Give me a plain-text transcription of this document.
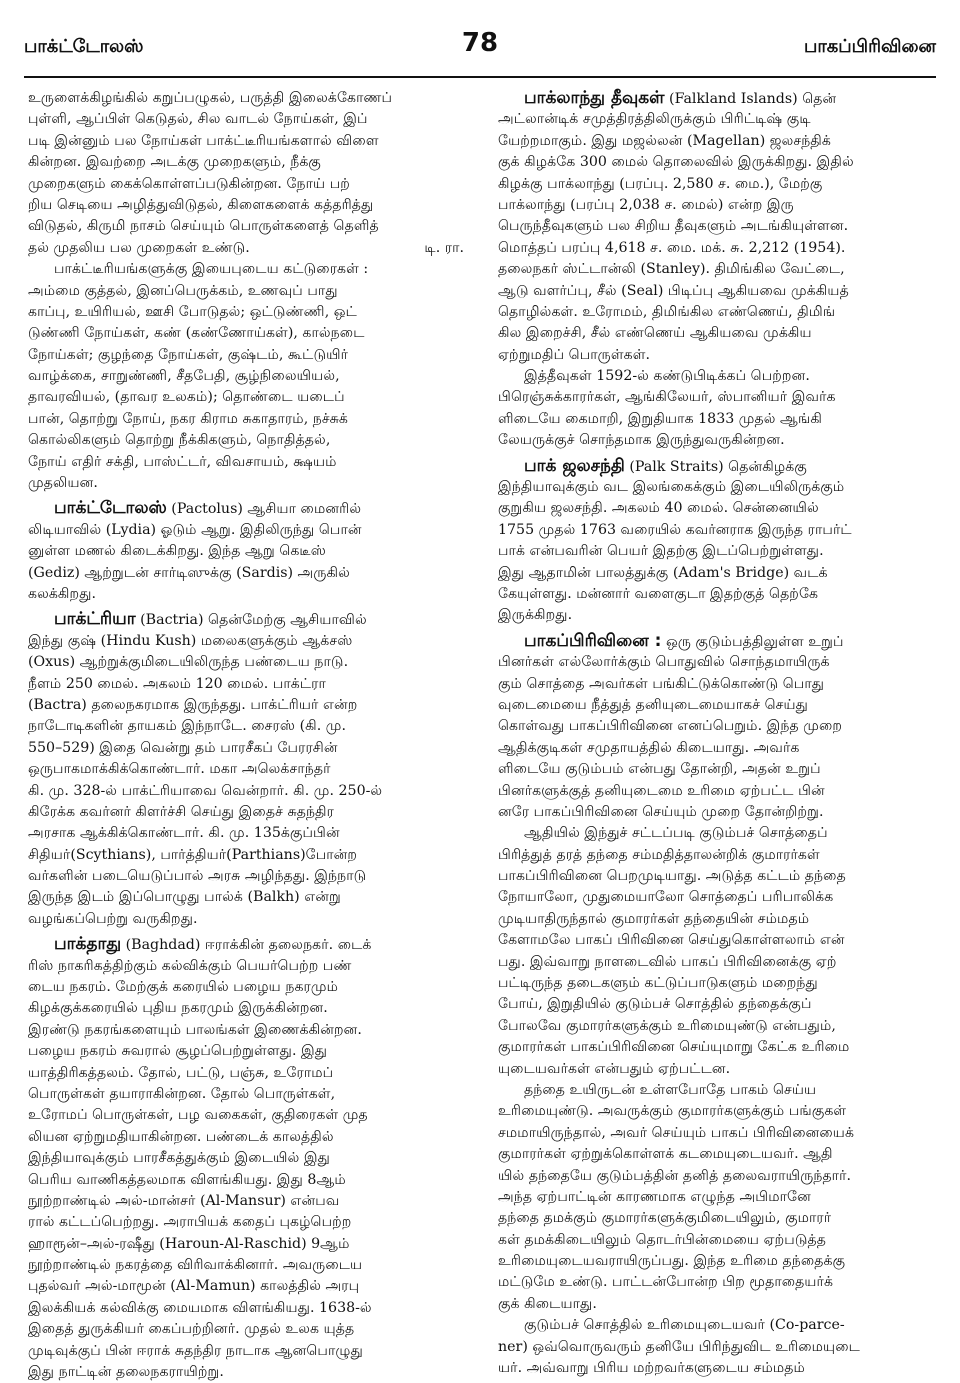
பாக்ட்டோலஸ்	78	பாகப்பிரிவினை
உருளைக்கிழங்கில் கறுப்பழுகல், பருத்தி இலைக்கோணப்
புள்ளி, ஆப்பிள் கெடுதல், சில வாடல் நோய்கள், இப்
படி இன்னும் பல நோய்கள் பாக்ட்டீரியங்களால் விளை
கின்றன. இவற்றை அடக்கு முறைகளும், நீக்கு
முறைகளும் கைக்கொள்ளப்படுகின்றன. நோய் பற்
றிய செடியை அழித்துவிடுதல், கிளைகளைக் கத்தரித்து
விடுதல், கிருமி நாசம் செய்யும் பொருள்களைத் தெளித்
டி. ரா.
தல் முதலிய பல முறைகள் உண்டு.
பாக்ட்டீரியங்களுக்கு இயைபுடைய கட்டுரைகள் :
அம்மை குத்தல், இனப்பெருக்கம், உணவுப் பாது
காப்பு, உயிரியல், ஊசி போடுதல்; ஒட்டுண்ணி, ஒட்
டுண்ணி நோய்கள், கண் (கண்ணோய்கள்), கால்நடை
நோய்கள்; குழந்தை நோய்கள், குஷ்டம், கூட்டுயிர்
வாழ்க்கை, சாறுண்ணி, சீதபேதி, சூழ்நிலையியல்,
தாவரவியல், (தாவர உலகம்); தொண்டை யடைப்
பான், தொற்று நோய், நகர கிராம சுகாதாரம், நச்சுக்
கொல்லிகளும் தொற்று நீக்கிகளும், நொதித்தல்,
நோய் எதிர் சக்தி, பாஸ்ட்டர், விவசாயம், க்ஷயம்
முதலியன.
பாக்ட்டோலஸ் (Pactolus) ஆசியா மைனரில்
லிடியாவில் (Lydia) ஓடும் ஆறு. இதிலிருந்து பொன்
னுள்ள மணல் கிடைக்கிறது. இந்த ஆறு கெடீஸ்
(Gediz) ஆற்றுடன் சார்டிஸுக்கு (Sardis) அருகில்
கலக்கிறது.
பாக்ட்ரியா (Bactria) தென்மேற்கு ஆசியாவில்
இந்து குஷ் (Hindu Kush) மலைகளுக்கும் ஆக்சஸ்
(Oxus) ஆற்றுக்குமிடையிலிருந்த பண்டைய நாடு.
நீளம் 250 மைல். அகலம் 120 மைல். பாக்ட்ரா
(Bactra) தலைநகரமாக இருந்தது. பாக்ட்ரியர் என்ற
நாடோடிகளின் தாயகம் இந்நாடே. சைரஸ் (கி. மு.
550–529) இதை வென்று தம் பாரசீகப் பேரரசின்
ஒருபாகமாக்கிக்கொண்டார். மகா அலெக்சாந்தர்
கி. மு. 328-ல் பாக்ட்ரியாவை வென்றார். கி. மு. 250-ல்
கிரேக்க கவர்னர் கிளர்ச்சி செய்து இதைச் சுதந்திர
அரசாக ஆக்கிக்கொண்டார். கி. மு. 135க்குப்பின்
சிதியர்(Scythians), பார்த்தியர்(Parthians)போன்ற
வர்களின் படையெடுப்பால் அரசு அழிந்தது. இந்நாடு
இருந்த இடம் இப்பொழுது பால்க் (Balkh) என்று
வழங்கப்பெற்று வருகிறது.
பாக்தாது (Baghdad) ஈராக்கின் தலைநகர். டைக்
ரிஸ் நாகரிகத்திற்கும் கல்விக்கும் பெயர்பெற்ற பண்
டைய நகரம். மேற்குக் கரையில் பழைய நகரமும்
கிழக்குக்கரையில் புதிய நகரமும் இருக்கின்றன.
இரண்டு நகரங்களையும் பாலங்கள் இணைக்கின்றன.
பழைய நகரம் சுவரால் சூழப்பெற்றுள்ளது. இது
யாத்திரிகத்தலம். தோல், பட்டு, பஞ்சு, உரோமப்
பொருள்கள் தயாராகின்றன. தோல் பொருள்கள்,
உரோமப் பொருள்கள், பழ வகைகள், குதிரைகள் முத
லியன ஏற்றுமதியாகின்றன. பண்டைக் காலத்தில்
இந்தியாவுக்கும் பாரசீகத்துக்கும் இடையில் இது
பெரிய வாணிகத்தலமாக விளங்கியது. இது 8ஆம்
நூற்றாண்டில் அல்-மான்சர் (Al-Mansur) என்பவ
ரால் கட்டப்பெற்றது. அராபியக் கதைப் புகழ்பெற்ற
ஹாரூன்–அல்-ரஷீது (Haroun-Al-Raschid) 9ஆம்
நூற்றாண்டில் நகரத்தை விரிவாக்கினார். அவருடைய
புதல்வர் அல்-மாமூன் (Al-Mamun) காலத்தில் அரபு
இலக்கியக் கல்விக்கு மையமாக விளங்கியது. 1638-ல்
இதைத் துருக்கியர் கைப்பற்றினர். முதல் உலக யுத்த
முடிவுக்குப் பின் ஈராக் சுதந்திர நாடாக ஆனபொழுது
இது நாட்டின் தலைநகராயிற்று.
பாக்லாந்து தீவுகள் (Falkland Islands) தென்
அட்லான்டிக் சமுத்திரத்திலிருக்கும் பிரிட்டிஷ் குடி
யேற்றமாகும். இது மஜல்லன் (Magellan) ஜலசந்திக்
குக் கிழக்கே 300 மைல் தொலைவில் இருக்கிறது. இதில்
கிழக்கு பாக்லாந்து (பரப்பு. 2,580 ச. மை.), மேற்கு
பாக்லாந்து (பரப்பு 2,038 ச. மைல்) என்ற இரு
பெருந்தீவுகளும் பல சிறிய தீவுகளும் அடங்கியுள்ளன.
மொத்தப் பரப்பு 4,618 ச. மை. மக். சு. 2,212 (1954).
தலைநகர் ஸ்ட்டான்லி (Stanley). திமிங்கில வேட்டை,
ஆடு வளர்ப்பு, சீல் (Seal) பிடிப்பு ஆகியவை முக்கியத்
தொழில்கள். உரோமம், திமிங்கில எண்ணெய், திமிங்
கில இறைச்சி, சீல் எண்ணெய் ஆகியவை முக்கிய
ஏற்றுமதிப் பொருள்கள்.
இத்தீவுகள் 1592-ல் கண்டுபிடிக்கப் பெற்றன.
பிரெஞ்சுக்காரர்கள், ஆங்கிலேயர், ஸ்பானியர் இவர்க
ளிடையே கைமாறி, இறுதியாக 1833 முதல் ஆங்கி
லேயருக்குச் சொந்தமாக இருந்துவருகின்றன.
பாக் ஜலசந்தி (Palk Straits) தென்கிழக்கு
இந்தியாவுக்கும் வட இலங்கைக்கும் இடையிலிருக்கும்
குறுகிய ஜலசந்தி. அகலம் 40 மைல். சென்னையில்
1755 முதல் 1763 வரையில் கவர்னராக இருந்த ராபர்ட்
பாக் என்பவரின் பெயர் இதற்கு இடப்பெற்றுள்ளது.
இது ஆதாமின் பாலத்துக்கு (Adam's Bridge) வடக்
கேயுள்ளது. மன்னார் வளைகுடா இதற்குத் தெற்கே
இருக்கிறது.
பாகப்பிரிவினை : ஒரு குடும்பத்திலுள்ள உறுப்
பினர்கள் எல்லோர்க்கும் பொதுவில் சொந்தமாயிருக்
கும் சொத்தை அவர்கள் பங்கிட்டுக்கொண்டு பொது
வுடைமையை நீத்துத் தனியுடைமையாகச் செய்து
கொள்வது பாகப்பிரிவினை எனப்பெறும். இந்த முறை
ஆதிக்குடிகள் சமுதாயத்தில் கிடையாது. அவர்க
ளிடையே குடும்பம் என்பது தோன்றி, அதன் உறுப்
பினர்களுக்குத் தனியுடைமை உரிமை ஏற்பட்ட பின்
னரே பாகப்பிரிவினை செய்யும் முறை தோன்றிற்று.
ஆதியில் இந்துச் சட்டப்படி குடும்பச் சொத்தைப்
பிரித்துத் தரத் தந்தை சம்மதித்தாலன்றிக் குமாரர்கள்
பாகப்பிரிவினை பெறமுடியாது. அடுத்த கட்டம் தந்தை
நோயாலோ, முதுமையாலோ சொத்தைப் பரிபாலிக்க
முடியாதிருந்தால் குமாரர்கள் தந்தையின் சம்மதம்
கேளாமலே பாகப் பிரிவினை செய்துகொள்ளலாம் என்
பது. இவ்வாறு நாளடைவில் பாகப் பிரிவினைக்கு ஏற்
பட்டிருந்த தடைகளும் கட்டுப்பாடுகளும் மறைந்து
போய், இறுதியில் குடும்பச் சொத்தில் தந்தைக்குப்
போலவே குமாரர்களுக்கும் உரிமையுண்டு என்பதும்,
குமாரர்கள் பாகப்பிரிவினை செய்யுமாறு கேட்க உரிமை
யுடையவர்கள் என்பதும் ஏற்பட்டன.
தந்தை உயிருடன் உள்ளபோதே பாகம் செய்ய
உரிமையுண்டு. அவருக்கும் குமாரர்களுக்கும் பங்குகள்
சமமாயிருந்தால், அவர் செய்யும் பாகப் பிரிவினையைக்
குமாரர்கள் ஏற்றுக்கொள்ளக் கடமையுடையவர். ஆதி
யில் தந்தையே குடும்பத்தின் தனித் தலைவராயிருந்தார்.
அந்த ஏற்பாட்டின் காரணமாக எழுந்த அபிமானே
தந்தை தமக்கும் குமாரர்களுக்குமிடையிலும், குமாரர்
கள் தமக்கிடையிலும் தொடர்பின்மையை ஏற்படுத்த
உரிமையுடையவராயிருப்பது. இந்த உரிமை தந்தைக்கு
மட்டுமே உண்டு. பாட்டன்போன்ற பிற மூதாதையர்க்
குக் கிடையாது.
குடும்பச் சொத்தில் உரிமையுடையவர் (Co-parce-
ner) ஒவ்வொருவரும் தனியே பிரிந்துவிட உரிமையுடை
யர். அவ்வாறு பிரிய மற்றவர்களுடைய சம்மதம்
